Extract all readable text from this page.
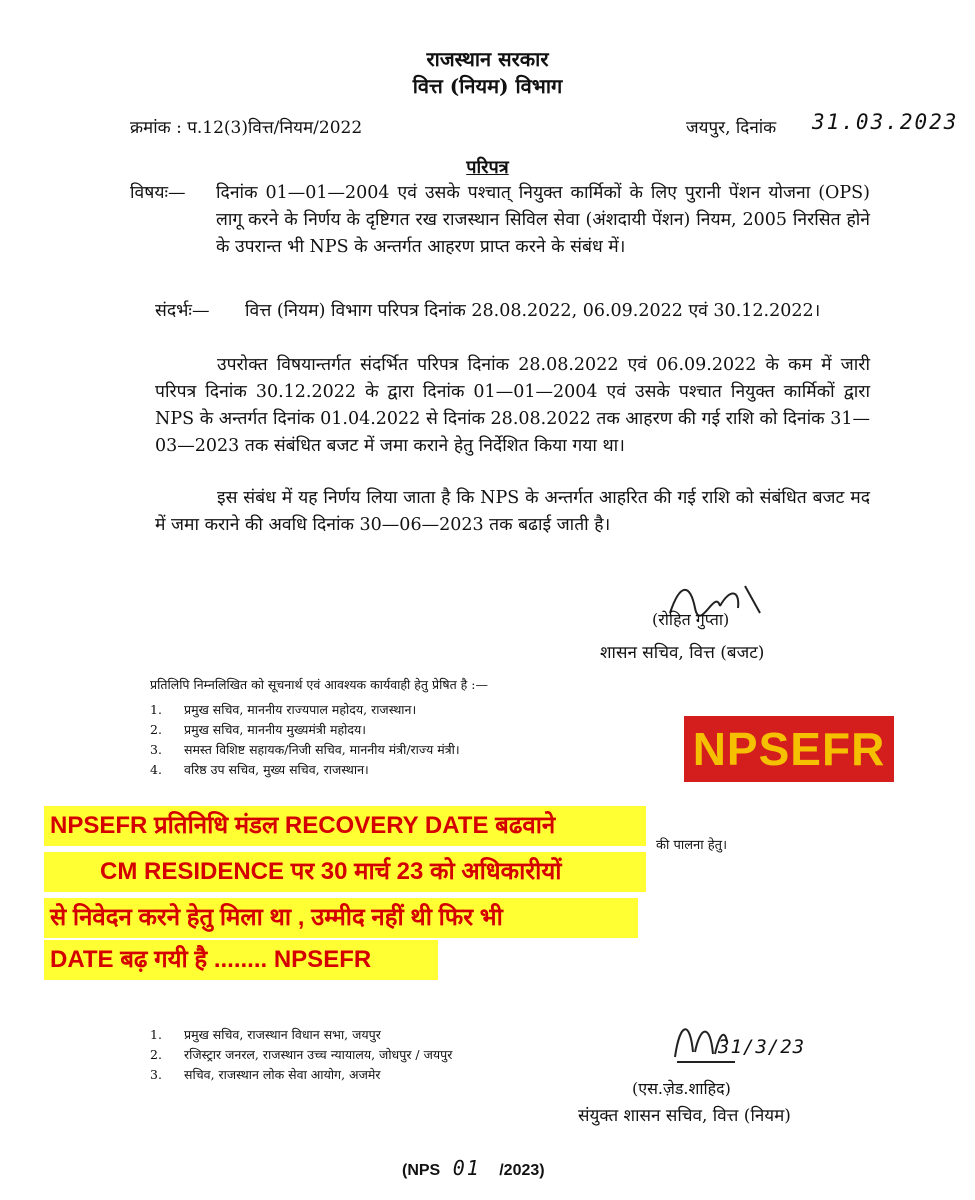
राजस्थान सरकार
वित्त (नियम) विभाग
क्रमांक : प.12(3)वित्त/नियम/2022	जयपुर, दिनांक 31.03.2023
परिपत्र
विषयः—	दिनांक 01—01—2004 एवं उसके पश्चात् नियुक्त कार्मिकों के लिए पुरानी पेंशन योजना (OPS) लागू करने के निर्णय के दृष्टिगत रख राजस्थान सिविल सेवा (अंशदायी पेंशन) नियम, 2005 निरसित होने के उपरान्त भी NPS के अन्तर्गत आहरण प्राप्त करने के संबंध में।
संदर्भः—	वित्त (नियम) विभाग परिपत्र दिनांक 28.08.2022, 06.09.2022 एवं 30.12.2022।
उपरोक्त विषयान्तर्गत संदर्भित परिपत्र दिनांक 28.08.2022 एवं 06.09.2022 के कम में जारी परिपत्र दिनांक 30.12.2022 के द्वारा दिनांक 01—01—2004 एवं उसके पश्चात नियुक्त कार्मिकों द्वारा NPS के अन्तर्गत दिनांक 01.04.2022 से दिनांक 28.08.2022 तक आहरण की गई राशि को दिनांक 31—03—2023 तक संबंधित बजट में जमा कराने हेतु निर्देशित किया गया था।
इस संबंध में यह निर्णय लिया जाता है कि NPS के अन्तर्गत आहरित की गई राशि को संबंधित बजट मद में जमा कराने की अवधि दिनांक 30—06—2023 तक बढाई जाती है।
(रोहित गुप्ता)
शासन सचिव, वित्त (बजट)
प्रतिलिपि निम्नलिखित को सूचनार्थ एवं आवश्यक कार्यवाही हेतु प्रेषित है :—
1.	प्रमुख सचिव, माननीय राज्यपाल महोदय, राजस्थान।
2.	प्रमुख सचिव, माननीय मुख्यमंत्री महोदय।
3.	समस्त विशिष्ट सहायक/निजी सचिव, माननीय मंत्री/राज्य मंत्री।
4.	वरिष्ठ उप सचिव, मुख्य सचिव, राजस्थान।	NPSEFR
की पालना हेतु।
NPSEFR प्रतिनिधि मंडल RECOVERY DATE बढवाने
CM RESIDENCE पर 30 मार्च 23 को अधिकारीयों
से निवेदन करने हेतु मिला था , उम्मीद नहीं थी फिर भी
DATE बढ़ गयी है ........ NPSEFR
1.	प्रमुख सचिव, राजस्थान विधान सभा, जयपुर
2.	रजिस्ट्रार जनरल, राजस्थान उच्च न्यायालय, जोधपुर / जयपुर
3.	सचिव, राजस्थान लोक सेवा आयोग, अजमेर
31/3/23
(एस.ज़ेड.शाहिद)
संयुक्त शासन सचिव, वित्त (नियम)
(NPS 01 /2023)
